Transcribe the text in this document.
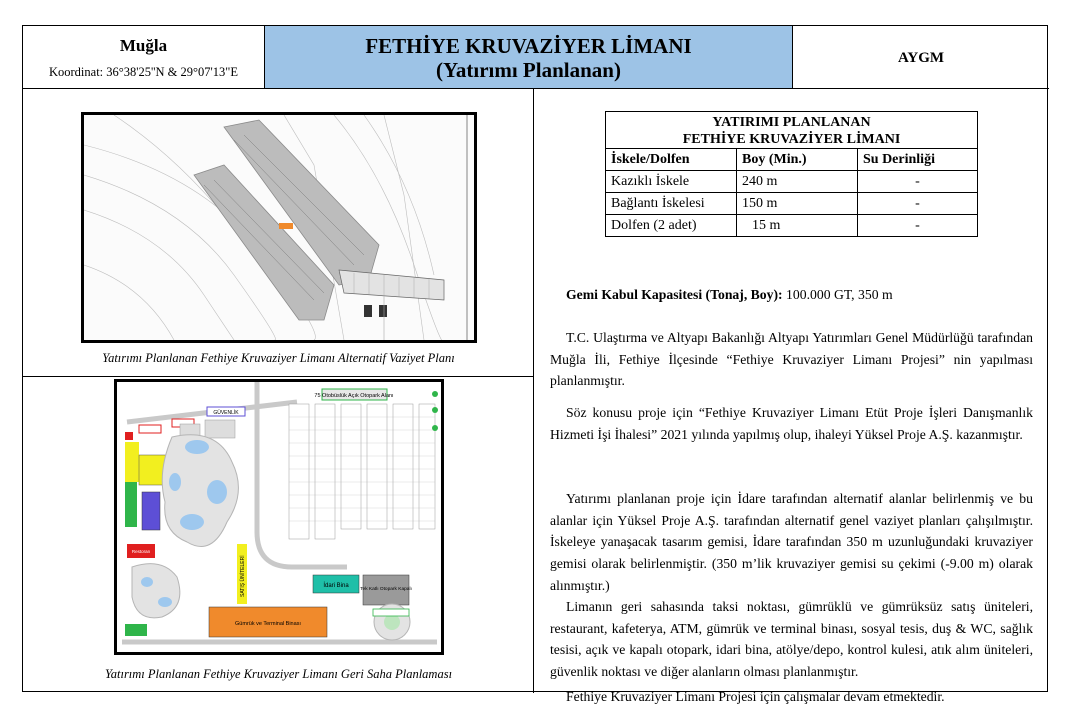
Muğla
Koordinat: 36°38'25''N & 29°07'13"E
FETHİYE KRUVAZİYER LİMANI
(Yatırımı Planlanan)	AYGM
Yatırımı Planlanan Fethiye Kruvaziyer Limanı Alternatif Vaziyet Planı
75 Otobüslük Açık Otopark Alanı
GÜVENLİK
Restoran
SATIŞ ÜNİTELERİ	İdari Bina
Tek Katlı Otopark Kapalı
Gümrük ve Terminal Binası
Yatırımı Planlanan Fethiye Kruvaziyer Limanı Geri Saha Planlaması
YATIRIMI PLANLANAN
FETHİYE KRUVAZİYER LİMANI		

İskele/Dolfen	Boy (Min.)	Su Derinliği
Kazıklı İskele	240 m	-
Bağlantı İskelesi	150 m	-
Dolfen (2 adet)	15 m	-
Gemi Kabul Kapasitesi (Tonaj, Boy): 100.000 GT, 350 m
T.C. Ulaştırma ve Altyapı Bakanlığı Altyapı Yatırımları Genel Müdürlüğü tarafından Muğla İli, Fethiye İlçesinde “Fethiye Kruvaziyer Limanı Projesi” nin yapılması planlanmıştır.
Söz konusu proje için “Fethiye Kruvaziyer Limanı Etüt Proje İşleri Danışmanlık Hizmeti İşi İhalesi” 2021 yılında yapılmış olup, ihaleyi Yüksel Proje A.Ş. kazanmıştır.
Yatırımı planlanan proje için İdare tarafından alternatif alanlar belirlenmiş ve bu alanlar için Yüksel Proje A.Ş. tarafından alternatif genel vaziyet planları çalışılmıştır. İskeleye yanaşacak tasarım gemisi, İdare tarafından 350 m uzunluğundaki kruvaziyer gemisi olarak belirlenmiştir. (350 m’lik kruvaziyer gemisi su çekimi (-9.00 m) olarak alınmıştır.)
Limanın geri sahasında taksi noktası, gümrüklü ve gümrüksüz satış üniteleri, restaurant, kafeterya, ATM, gümrük ve terminal binası, sosyal tesis, duş & WC, sağlık tesisi, açık ve kapalı otopark, idari bina, atölye/depo, kontrol kulesi, atık alım üniteleri, güvenlik noktası ve diğer alanların olması planlanmıştır.
Fethiye Kruvaziyer Limanı Projesi için çalışmalar devam etmektedir.
